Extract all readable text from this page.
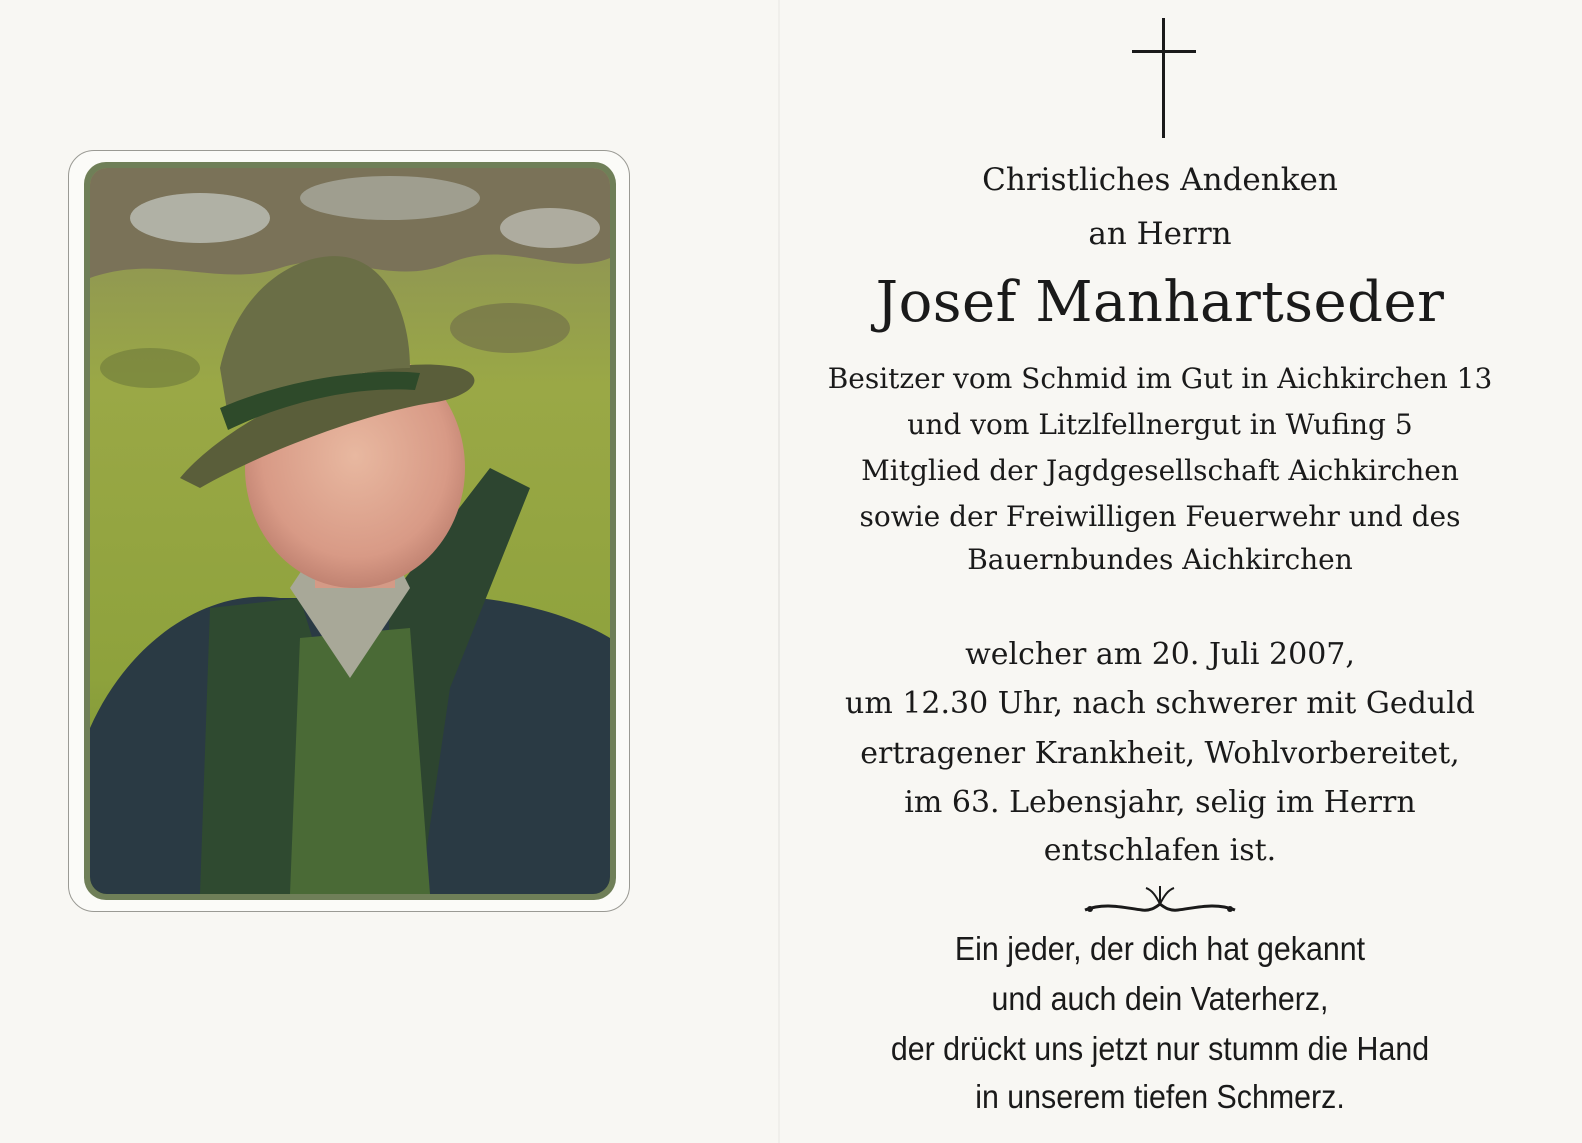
Christliches Andenken
an Herrn
Josef Manhartseder
Besitzer vom Schmid im Gut in Aichkirchen 13
und vom Litzlfellnergut in Wufing 5
Mitglied der Jagdgesellschaft Aichkirchen
sowie der Freiwilligen Feuerwehr und des
Bauernbundes Aichkirchen
welcher am 20. Juli 2007,
um 12.30 Uhr, nach schwerer mit Geduld
ertragener Krankheit, Wohlvorbereitet,
im 63. Lebensjahr, selig im Herrn
entschlafen ist.
Ein jeder, der dich hat gekannt
und auch dein Vaterherz,
der drückt uns jetzt nur stumm die Hand
in unserem tiefen Schmerz.
